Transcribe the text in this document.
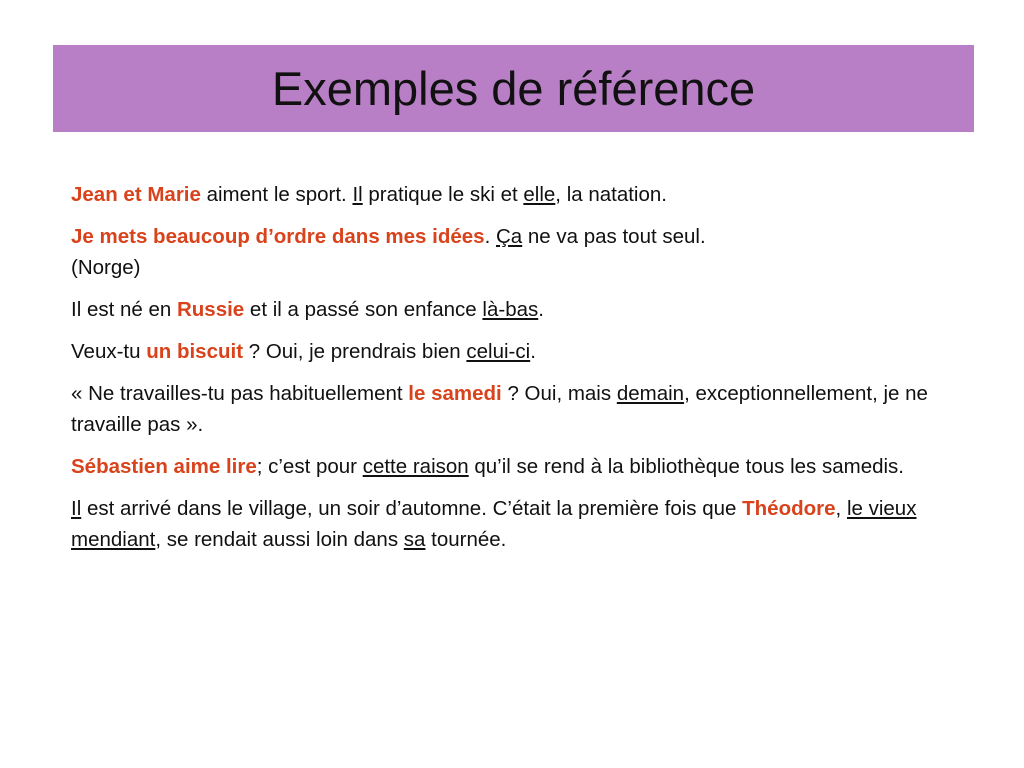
Exemples de référence

Jean et Marie aiment le sport. Il pratique le ski et elle, la natation.

Je mets beaucoup d’ordre dans mes idées. Ça ne va pas tout seul.
(Norge)

Il est né en Russie et il a passé son enfance là-bas.

Veux-tu un biscuit ? Oui, je prendrais bien celui-ci.

« Ne travailles-tu pas habituellement le samedi ? Oui, mais demain, exceptionnellement, je ne travaille pas ».

Sébastien aime lire; c’est pour cette raison qu’il se rend à la bibliothèque tous les samedis.

Il est arrivé dans le village, un soir d’automne. C’était la première fois que Théodore, le vieux mendiant, se rendait aussi loin dans sa tournée.
